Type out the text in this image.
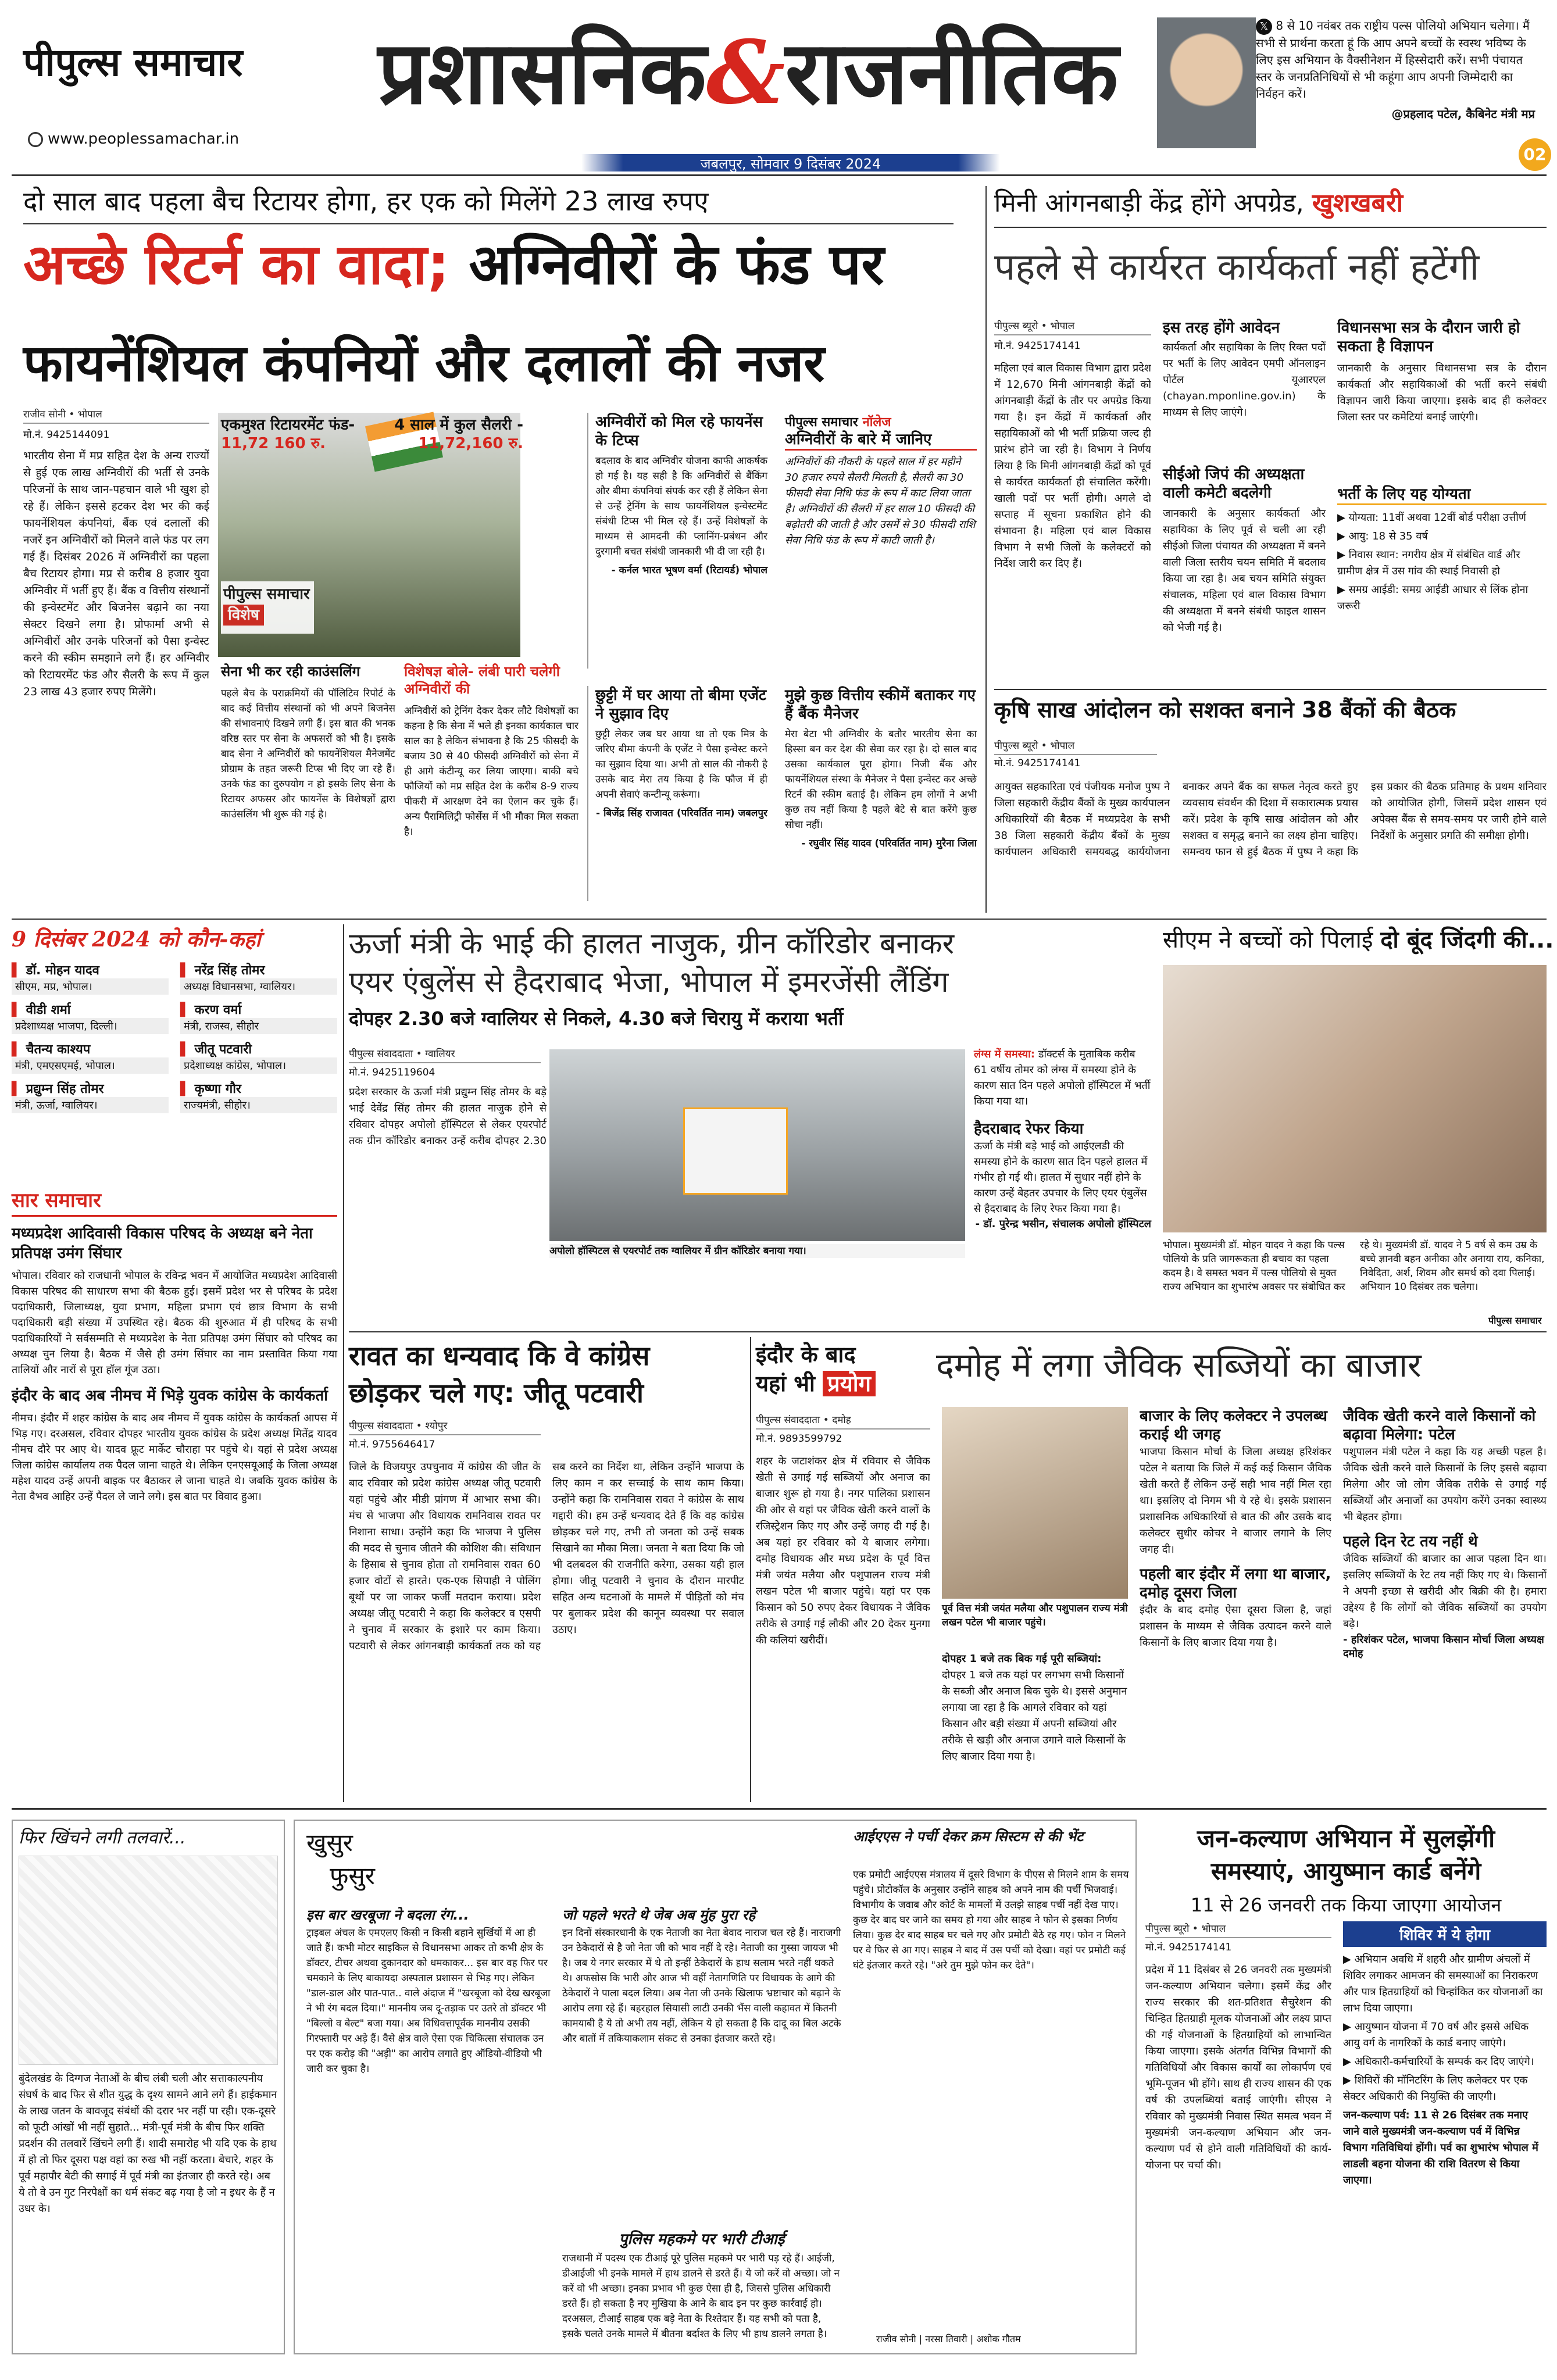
पीपुल्स समाचार
www.peoplessamachar.in
प्रशासनिक&राजनीतिक
जबलपुर, सोमवार 9 दिसंबर 2024
𝕏 8 से 10 नवंबर तक राष्ट्रीय पल्स पोलियो अभियान चलेगा। मैं सभी से प्रार्थना करता हूं कि आप अपने बच्चों के स्वस्थ भविष्य के लिए इस अभियान के वैक्सीनेशन में हिस्सेदारी करें। सभी पंचायत स्तर के जनप्रतिनिधियों से भी कहूंगा आप अपनी जिम्मेदारी का निर्वहन करें।
@प्रहलाद पटेल, कैबिनेट मंत्री मप्र
02
दो साल बाद पहला बैच रिटायर होगा, हर एक को मिलेंगे 23 लाख रुपए
अच्छे रिटर्न का वादा; अग्निवीरों के फंड पर
फायनेंशियल कंपनियों और दलालों की नजर
राजीव सोनी • भोपाल
मो.नं. 9425144091
भारतीय सेना में मप्र सहित देश के अन्य राज्यों से हुई एक लाख अग्निवीरों की भर्ती से उनके परिजनों के साथ जान-पहचान वाले भी खुश हो रहे हैं। लेकिन इससे हटकर देश भर की कई फायनेंशियल कंपनियां, बैंक एवं दलालों की नजरें इन अग्निवीरों को मिलने वाले फंड पर लग गई हैं। दिसंबर 2026 में अग्निवीरों का पहला बैच रिटायर होगा। मप्र से करीब 8 हजार युवा अग्निवीर में भर्ती हुए हैं। बैंक व वित्तीय संस्थानों की इन्वेस्टमेंट और बिजनेस बढ़ाने का नया सेक्टर दिखने लगा है। प्रोफार्मा अभी से अग्निवीरों और उनके परिजनों को पैसा इन्वेस्ट करने की स्कीम समझाने लगे हैं। हर अग्निवीर को रिटायरमेंट फंड और सैलरी के रूप में कुल 23 लाख 43 हजार रुपए मिलेंगे।
एकमुश्त रिटायरमेंट फंड-
11,72 160 रु.
4 साल में कुल सैलरी -
11,72,160 रु.
पीपुल्स समाचार
विशेष
सेना भी कर रही काउंसलिंग
पहले बैच के पराक्रमियों की पॉलिटिव रिपोर्ट के बाद कई वित्तीय संस्थानों को भी अपने बिजनेस की संभावनाएं दिखने लगी हैं। इस बात की भनक वरिष्ठ स्तर पर सेना के अफसरों को भी है। इसके बाद सेना ने अग्निवीरों को फायनेंशियल मैनेजमेंट प्रोग्राम के तहत जरूरी टिप्स भी दिए जा रहे हैं। उनके फंड का दुरुपयोग न हो इसके लिए सेना के रिटायर अफसर और फायनेंस के विशेषज्ञों द्वारा काउंसलिंग भी शुरू की गई है।
विशेषज्ञ बोले- लंबी पारी चलेगी अग्निवीरों की
अग्निवीरों को ट्रेनिंग देकर देकर लौटे विशेषज्ञों का कहना है कि सेना में भले ही इनका कार्यकाल चार साल का है लेकिन संभावना है कि 25 फीसदी के बजाय 30 से 40 फीसदी अग्निवीरों को सेना में ही आगे कंटीन्यू कर लिया जाएगा। बाकी बचे फौजियों को मप्र सहित देश के करीब 8-9 राज्य पीकरी में आरक्षण देने का ऐलान कर चुके हैं। अन्य पैरामिलिट्री फोर्सेस में भी मौका मिल सकता है।
अग्निवीरों को मिल रहे फायनेंस के टिप्स
बदलाव के बाद अग्निवीर योजना काफी आकर्षक हो गई है। यह सही है कि अग्निवीरों से बैंकिंग और बीमा कंपनियां संपर्क कर रही हैं लेकिन सेना से उन्हें ट्रेनिंग के साथ फायनेंशियल इन्वेस्टमेंट संबंधी टिप्स भी मिल रहे हैं। उन्हें विशेषज्ञों के माध्यम से आमदनी की प्लानिंग-प्रबंधन और दुरगामी बचत संबंधी जानकारी भी दी जा रही है।
- कर्नल भारत भूषण वर्मा (रिटायर्ड) भोपाल
छुट्टी में घर आया तो बीमा एजेंट ने सुझाव दिए
छुट्टी लेकर जब घर आया था तो एक मित्र के जरिए बीमा कंपनी के एजेंट ने पैसा इन्वेस्ट करने का सुझाव दिया था। अभी तो साल की नौकरी है उसके बाद मेरा तय किया है कि फौज में ही अपनी सेवाएं कन्टीन्यू करूंगा।
- बिजेंद्र सिंह राजावत (परिवर्तित नाम) जबलपुर
पीपुल्स समाचार नॉलेज
अग्निवीरों के बारे में जानिए
अग्निवीरों की नौकरी के पहले साल में हर महीने 30 हजार रुपये सैलरी मिलती है, सैलरी का 30 फीसदी सेवा निधि फंड के रूप में काट लिया जाता है। अग्निवीरों की सैलरी में हर साल 10 फीसदी की बढ़ोतरी की जाती है और उसमें से 30 फीसदी राशि सेवा निधि फंड के रूप में काटी जाती है।
मुझे कुछ वित्तीय स्कीमें बताकर गए हैं बैंक मैनेजर
मेरा बेटा भी अग्निवीर के बतौर भारतीय सेना का हिस्सा बन कर देश की सेवा कर रहा है। दो साल बाद उसका कार्यकाल पूरा होगा। निजी बैंक और फायनेंशियल संस्था के मैनेजर ने पैसा इन्वेस्ट कर अच्छे रिटर्न की स्कीम बताई है। लेकिन हम लोगों ने अभी कुछ तय नहीं किया है पहले बेटे से बात करेंगे कुछ सोचा नहीं।
- रघुवीर सिंह यादव (परिवर्तित नाम) मुरैना जिला
मिनी आंगनबाड़ी केंद्र होंगे अपग्रेड, खुशखबरी
पहले से कार्यरत कार्यकर्ता नहीं हटेंगी
पीपुल्स ब्यूरो • भोपाल
मो.नं. 9425174141
महिला एवं बाल विकास विभाग द्वारा प्रदेश में 12,670 मिनी आंगनबाड़ी केंद्रों को आंगनबाड़ी केंद्रों के तौर पर अपग्रेड किया गया है। इन केंद्रों में कार्यकर्ता और सहायिकाओं को भी भर्ती प्रक्रिया जल्द ही प्रारंभ होने जा रही है। विभाग ने निर्णय लिया है कि मिनी आंगनबाड़ी केंद्रों को पूर्व से कार्यरत कार्यकर्ता ही संचालित करेंगी। खाली पदों पर भर्ती होगी। अगले दो सप्ताह में सूचना प्रकाशित होने की संभावना है। महिला एवं बाल विकास विभाग ने सभी जिलों के कलेक्टरों को निर्देश जारी कर दिए हैं।
इस तरह होंगे आवेदन
कार्यकर्ता और सहायिका के लिए रिक्त पदों पर भर्ती के लिए आवेदन एमपी ऑनलाइन पोर्टल यूआरएल (chayan.mponline.gov.in) के माध्यम से लिए जाएंगे।
सीईओ जिपं की अध्यक्षता वाली कमेटी बदलेगी
जानकारी के अनुसार कार्यकर्ता और सहायिका के लिए पूर्व से चली आ रही सीईओ जिला पंचायत की अध्यक्षता में बनने वाली जिला स्तरीय चयन समिति में बदलाव किया जा रहा है। अब चयन समिति संयुक्त संचालक, महिला एवं बाल विकास विभाग की अध्यक्षता में बनने संबंधी फाइल शासन को भेजी गई है।
विधानसभा सत्र के दौरान जारी हो सकता है विज्ञापन
जानकारी के अनुसार विधानसभा सत्र के दौरान कार्यकर्ता और सहायिकाओं की भर्ती करने संबंधी विज्ञापन जारी किया जाएगा। इसके बाद ही कलेक्टर जिला स्तर पर कमेटियां बनाई जाएंगी।
भर्ती के लिए यह योग्यता
▶ योग्यता: 11वीं अथवा 12वीं बोर्ड परीक्षा उत्तीर्ण
▶ आयु: 18 से 35 वर्ष
▶ निवास स्थान: नगरीय क्षेत्र में संबंधित वार्ड और ग्रामीण क्षेत्र में उस गांव की स्थाई निवासी हो
▶ समग्र आईडी: समग्र आईडी आधार से लिंक होना जरूरी
कृषि साख आंदोलन को सशक्त बनाने 38 बैंकों की बैठक
पीपुल्स ब्यूरो • भोपाल
मो.नं. 9425174141
आयुक्त सहकारिता एवं पंजीयक मनोज पुष्प ने जिला सहकारी केंद्रीय बैंकों के मुख्य कार्यपालन अधिकारियों की बैठक में मध्यप्रदेश के सभी 38 जिला सहकारी केंद्रीय बैंकों के मुख्य कार्यपालन अधिकारी समयबद्ध कार्ययोजना बनाकर अपने बैंक का सफल नेतृत्व करते हुए व्यवसाय संवर्धन की दिशा में सकारात्मक प्रयास करें। प्रदेश के कृषि साख आंदोलन को और सशक्त व समृद्ध बनाने का लक्ष्य होना चाहिए। समन्वय फान से हुई बैठक में पुष्प ने कहा कि इस प्रकार की बैठक प्रतिमाह के प्रथम शनिवार को आयोजित होगी, जिसमें प्रदेश शासन एवं अपेक्स बैंक से समय-समय पर जारी होने वाले निर्देशों के अनुसार प्रगति की समीक्षा होगी।
9 दिसंबर 2024 को कौन-कहां
▌ डॉ. मोहन यादव
सीएम, मप्र, भोपाल।
▌ नरेंद्र सिंह तोमर
अध्यक्ष विधानसभा, ग्वालियर।
▌ वीडी शर्मा
प्रदेशाध्यक्ष भाजपा, दिल्ली।
▌ करण वर्मा
मंत्री, राजस्व, सीहोर
▌ चैतन्य काश्यप
मंत्री, एमएसएमई, भोपाल।
▌ जीतू पटवारी
प्रदेशाध्यक्ष कांग्रेस, भोपाल।
▌ प्रद्युम्न सिंह तोमर
मंत्री, ऊर्जा, ग्वालियर।
▌ कृष्णा गौर
राज्यमंत्री, सीहोर।
सार समाचार
मध्यप्रदेश आदिवासी विकास परिषद के अध्यक्ष बने नेता प्रतिपक्ष उमंग सिंघार
भोपाल। रविवार को राजधानी भोपाल के रविन्द्र भवन में आयोजित मध्यप्रदेश आदिवासी विकास परिषद की साधारण सभा की बैठक हुई। इसमें प्रदेश भर से परिषद के प्रदेश पदाधिकारी, जिलाध्यक्ष, युवा प्रभाग, महिला प्रभाग एवं छात्र विभाग के सभी पदाधिकारी बड़ी संख्या में उपस्थित रहे। बैठक की शुरुआत में ही परिषद के सभी पदाधिकारियों ने सर्वसम्मति से मध्यप्रदेश के नेता प्रतिपक्ष उमंग सिंघार को परिषद का अध्यक्ष चुन लिया है। बैठक में जैसे ही उमंग सिंघार का नाम प्रस्तावित किया गया तालियों और नारों से पूरा हॉल गूंज उठा।
इंदौर के बाद अब नीमच में भिड़े युवक कांग्रेस के कार्यकर्ता
नीमच। इंदौर में शहर कांग्रेस के बाद अब नीमच में युवक कांग्रेस के कार्यकर्ता आपस में भिड़ गए। दरअसल, रविवार दोपहर भारतीय युवक कांग्रेस के प्रदेश अध्यक्ष मितेंद्र यादव नीमच दौरे पर आए थे। यादव फ्रूट मार्केट चौराहा पर पहुंचे थे। यहां से प्रदेश अध्यक्ष जिला कांग्रेस कार्यालय तक पैदल जाना चाहते थे। लेकिन एनएसयूआई के जिला अध्यक्ष महेश यादव उन्हें अपनी बाइक पर बैठाकर ले जाना चाहते थे। जबकि युवक कांग्रेस के नेता वैभव आहिर उन्हें पैदल ले जाने लगे। इस बात पर विवाद हुआ।
ऊर्जा मंत्री के भाई की हालत नाजुक, ग्रीन कॉरिडोर बनाकर
एयर एंबुलेंस से हैदराबाद भेजा, भोपाल में इमरजेंसी लैंडिंग
दोपहर 2.30 बजे ग्वालियर से निकले, 4.30 बजे चिरायु में कराया भर्ती
पीपुल्स संवाददाता • ग्वालियर
मो.नं. 9425119604
प्रदेश सरकार के ऊर्जा मंत्री प्रद्युम्न सिंह तोमर के बड़े भाई देवेंद्र सिंह तोमर की हालत नाजुक होने से रविवार दोपहर अपोलो हॉस्पिटल से लेकर एयरपोर्ट तक ग्रीन कॉरिडोर बनाकर उन्हें करीब दोपहर 2.30
अपोलो हॉस्पिटल से एयरपोर्ट तक ग्वालियर में ग्रीन कॉरिडोर बनाया गया।
लंग्स में समस्या: डॉक्टर्स के मुताबिक करीब 61 वर्षीय तोमर को लंग्स में समस्या होने के कारण सात दिन पहले अपोलो हॉस्पिटल में भर्ती किया गया था।
हैदराबाद रेफर किया
ऊर्जा के मंत्री बड़े भाई को आईएलडी की समस्या होने के कारण सात दिन पहले हालत में गंभीर हो गई थी। हालत में सुधार नहीं होने के कारण उन्हें बेहतर उपचार के लिए एयर एंबुलेंस से हैदराबाद के लिए रेफर किया गया है।
- डॉ. पुरेन्द्र भसीन, संचालक अपोलो हॉस्पिटल
सीएम ने बच्चों को पिलाई दो बूंद जिंदगी की...
भोपाल। मुख्यमंत्री डॉ. मोहन यादव ने कहा कि पल्स पोलियो के प्रति जागरूकता ही बचाव का पहला कदम है। वे समस्त भवन में पल्स पोलियो से मुक्त राज्य अभियान का शुभारंभ अवसर पर संबोधित कर रहे थे। मुख्यमंत्री डॉ. यादव ने 5 वर्ष से कम उम्र के बच्चे ज्ञानवी बहन अनीका और अनाया राय, कनिका, निवेदिता, अर्श, शिवम और समर्थ को दवा पिलाई। अभियान 10 दिसंबर तक चलेगा।
पीपुल्स समाचार
रावत का धन्यवाद कि वे कांग्रेस
छोड़कर चले गए: जीतू पटवारी
पीपुल्स संवाददाता • श्योपुर
मो.नं. 9755646417
जिले के विजयपुर उपचुनाव में कांग्रेस की जीत के बाद रविवार को प्रदेश कांग्रेस अध्यक्ष जीतू पटवारी यहां पहुंचे और मीडी प्रांगण में आभार सभा की। मंच से भाजपा और विधायक रामनिवास रावत पर निशाना साधा। उन्होंने कहा कि भाजपा ने पुलिस की मदद से चुनाव जीतने की कोशिश की। संविधान के हिसाब से चुनाव होता तो रामनिवास रावत 60 हजार वोटों से हारते। एक-एक सिपाही ने पोलिंग बूथों पर जा जाकर फर्जी मतदान कराया। प्रदेश अध्यक्ष जीतू पटवारी ने कहा कि कलेक्टर व एसपी ने चुनाव में सरकार के इशारे पर काम किया। पटवारी से लेकर आंगनबाड़ी कार्यकर्ता तक को यह सब करने का निर्देश था, लेकिन उन्होंने भाजपा के लिए काम न कर सच्चाई के साथ काम किया। उन्होंने कहा कि रामनिवास रावत ने कांग्रेस के साथ गद्दारी की। हम उन्हें धन्यवाद देते हैं कि वह कांग्रेस छोड़कर चले गए, तभी तो जनता को उन्हें सबक सिखाने का मौका मिला। जनता ने बता दिया कि जो भी दलबदल की राजनीति करेगा, उसका यही हाल होगा। जीतू पटवारी ने चुनाव के दौरान मारपीट सहित अन्य घटनाओं के मामले में पीड़ितों को मंच पर बुलाकर प्रदेश की कानून व्यवस्था पर सवाल उठाए।
इंदौर के बाद
यहां भी प्रयोग	दमोह में लगा जैविक सब्जियों का बाजार
पीपुल्स संवाददाता • दमोह
मो.नं. 9893599792
शहर के जटाशंकर क्षेत्र में रविवार से जैविक खेती से उगाई गई सब्जियों और अनाज का बाजार शुरू हो गया है। नगर पालिका प्रशासन की ओर से यहां पर जैविक खेती करने वालों के रजिस्ट्रेशन किए गए और उन्हें जगह दी गई है। अब यहां हर रविवार को ये बाजार लगेगा। दमोह विधायक और मध्य प्रदेश के पूर्व वित्त मंत्री जयंत मलैया और पशुपालन राज्य मंत्री लखन पटेल भी बाजार पहुंचे। यहां पर एक किसान को 50 रुपए देकर विधायक ने जैविक तरीके से उगाई गई लौकी और 20 देकर मुनगा की कलियां खरीदीं।
पूर्व वित्त मंत्री जयंत मलैया और पशुपालन राज्य मंत्री लखन पटेल भी बाजार पहुंचे।
दोपहर 1 बजे तक बिक गई पूरी सब्जियां: दोपहर 1 बजे तक यहां पर लगभग सभी किसानों के सब्जी और अनाज बिक चुके थे। इससे अनुमान लगाया जा रहा है कि आगले रविवार को यहां किसान और बड़ी संख्या में अपनी सब्जियां और तरीके से खड़ी और अनाज उगाने वाले किसानों के लिए बाजार दिया गया है।
बाजार के लिए कलेक्टर ने उपलब्ध कराई थी जगह
भाजपा किसान मोर्चा के जिला अध्यक्ष हरिशंकर पटेल ने बताया कि जिले में कई कई किसान जैविक खेती करते हैं लेकिन उन्हें सही भाव नहीं मिल रहा था। इसलिए दो निगम भी ये रहे थे। इसके प्रशासन प्रशासनिक अधिकारियों से बात की और उसके बाद कलेक्टर सुधीर कोचर ने बाजार लगाने के लिए जगह दी।
पहली बार इंदौर में लगा था बाजार, दमोह दूसरा जिला
इंदौर के बाद दमोह ऐसा दूसरा जिला है, जहां प्रशासन के माध्यम से जैविक उत्पादन करने वाले किसानों के लिए बाजार दिया गया है।
जैविक खेती करने वाले किसानों को बढ़ावा मिलेगा: पटेल
पशुपालन मंत्री पटेल ने कहा कि यह अच्छी पहल है। जैविक खेती करने वाले किसानों के लिए इससे बढ़ावा मिलेगा और जो लोग जैविक तरीके से उगाई गई सब्जियों और अनाजों का उपयोग करेंगे उनका स्वास्थ्य भी बेहतर होगा।
पहले दिन रेट तय नहीं थे
जैविक सब्जियों की बाजार का आज पहला दिन था। इसलिए सब्जियों के रेट तय नहीं किए गए थे। किसानों ने अपनी इच्छा से खरीदी और बिक्री की है। हमारा उद्देश्य है कि लोगों को जैविक सब्जियों का उपयोग बढ़े।
- हरिशंकर पटेल, भाजपा किसान मोर्चा जिला अध्यक्ष दमोह
फिर खिंचने लगी तलवारें...
बुंदेलखंड के दिग्गज नेताओं के बीच लंबी चली और सत्ताकाल्पनीय संघर्ष के बाद फिर से शीत युद्ध के दृश्य सामने आने लगे हैं। हाईकमान के लाख जतन के बावजूद संबंधों की दरार भर नहीं पा रही। एक-दूसरे को फूटी आंखों भी नहीं सुहाते... मंत्री-पूर्व मंत्री के बीच फिर शक्ति प्रदर्शन की तलवारें खिंचने लगी हैं। शादी समारोह भी यदि एक के हाथ में हो तो फिर दूसरा पक्ष वहां का रुख भी नहीं करता। बेचारे, शहर के पूर्व महापौर बेटी की सगाई में पूर्व मंत्री का इंतजार ही करते रहे। अब ये तो वे उन गुट निरपेक्षों का धर्म संकट बढ़ गया है जो न इधर के हैं न उधर के।
खुसुर
फुसुर
इस बार खरबूजा ने बदला रंग...
ट्राइबल अंचल के एमएलए किसी न किसी बहाने सुर्खियों में आ ही जाते हैं। कभी मोटर साइकिल से विधानसभा आकर तो कभी क्षेत्र के डॉक्टर, टीचर अथवा दुकानदार को धमकाकर... इस बार वह फिर पर चमकाने के लिए बाकायदा अस्पताल प्रशासन से भिड़ गए। लेकिन "डाल-डाल और पात-पात.. वाले अंदाज में "खरबूजा को देख खरबूजा ने भी रंग बदल दिया।" माननीय जब दू-तड़ाक पर उतरे तो डॉक्टर भी "बिल्लो व बेल्ट" बजा गया। अब विधिवत्तापूर्वक माननीय उसकी गिरफ्तारी पर अड़े हैं। वैसे क्षेत्र वाले ऐसा एक चिकित्सा संचालक उन पर एक करोड़ की "अड़ी" का आरोप लगाते हुए ऑडियो-वीडियो भी जारी कर चुका है।
जो पहले भरते थे जेब अब मुंह पुरा रहे
इन दिनों संस्कारधानी के एक नेताजी का नेता बेवाद नाराज चल रहे हैं। नाराजगी उन ठेकेदारों से है जो नेता जी को भाव नहीं दे रहे। नेताजी का गुस्सा जायज भी है। जब ये नगर सरकार में थे तो इन्हीं ठेकेदारों के हाथ सलाम भरते नहीं थकते थे। अफसोस कि भारी और आज भी वहीं नेतागणिति पर विधायक के आगे की ठेकेदारों ने पाला बदल लिया। अब नेता जी उनके खिलाफ भ्रष्टाचार को बढ़ाने के आरोप लगा रहे हैं। बहरहाल सियासी लाटी उनकी भैंस वाली कहावत में कितनी कामयाबी है ये तो अभी तय नहीं, लेकिन ये हो सकता है कि दादू का बिल अटके और बातों में तकियाकलाम संकट से उनका इंतजार करते रहे।
पुलिस महकमे पर भारी टीआई
राजधानी में पदस्थ एक टीआई पूरे पुलिस महकमे पर भारी पड़ रहे हैं। आईजी, डीआईजी भी इनके मामले में हाथ डालने से डरते हैं। ये जो करें वो अच्छा। जो न करें वो भी अच्छा। इनका प्रभाव भी कुछ ऐसा ही है, जिससे पुलिस अधिकारी डरते हैं। हो सकता है नए मुखिया के आने के बाद इन पर कुछ कार्रवाई हो। दरअसल, टीआई साहब एक बड़े नेता के रिश्तेदार हैं। यह सभी को पता है, इसके चलते उनके मामले में बीतना बर्दाश्त के लिए भी हाथ डालने लगता है।
आईएएस ने पर्ची देकर क्रम सिस्टम से की भेंट
एक प्रमोटी आईएएस मंत्रालय में दूसरे विभाग के पीएस से मिलने शाम के समय पहुंचे। प्रोटोकॉल के अनुसार उन्होंने साहब को अपने नाम की पर्ची भिजवाई। विभागीय के जवाब और कोर्ट के मामलों में उलझे साहब पर्ची नहीं देख पाए। कुछ देर बाद घर जाने का समय हो गया और साहब ने फोन से इसका निर्णय लिया। कुछ देर बाद साहब घर चले गए और प्रमोटी बैठे रह गए। फोन न मिलने पर वे फिर से आ गए। साहब ने बाद में उस पर्ची को देखा। वहां पर प्रमोटी कई घंटे इंतजार करते रहे। "अरे तुम मुझे फोन कर देते"।
राजीव सोनी | नरसा तिवारी | अशोक गौतम
जन-कल्याण अभियान में सुलझेंगी
समस्याएं, आयुष्मान कार्ड बनेंगे
11 से 26 जनवरी तक किया जाएगा आयोजन
पीपुल्स ब्यूरो • भोपाल
मो.नं. 9425174141
प्रदेश में 11 दिसंबर से 26 जनवरी तक मुख्यमंत्री जन-कल्याण अभियान चलेगा। इसमें केंद्र और राज्य सरकार की शत-प्रतिशत सैचुरेशन की चिन्हित हितग्राही मूलक योजनाओं और लक्ष्य प्राप्त की गई योजनाओं के हितग्राहियों को लाभान्वित किया जाएगा। इसके अंतर्गत विभिन्न विभागों की गतिविधियों और विकास कार्यों का लोकार्पण एवं भूमि-पूजन भी होंगे। साथ ही राज्य शासन की एक वर्ष की उपलब्धियां बताई जाएंगी। सीएस ने रविवार को मुख्यमंत्री निवास स्थित समत्व भवन में मुख्यमंत्री जन-कल्याण अभियान और जन-कल्याण पर्व से होने वाली गतिविधियों की कार्य-योजना पर चर्चा की।
शिविर में ये होगा
▶ अभियान अवधि में शहरी और ग्रामीण अंचलों में शिविर लगाकर आमजन की समस्याओं का निराकरण और पात्र हितग्राहियों को चिन्हांकित कर योजनाओं का लाभ दिया जाएगा।
▶ आयुष्मान योजना में 70 वर्ष और इससे अधिक आयु वर्ग के नागरिकों के कार्ड बनाए जाएंगे।
▶ अधिकारी-कर्मचारियों के सम्पर्क कर दिए जाएंगे।
▶ शिविरों की मॉनिटरिंग के लिए कलेक्टर पर एक सेक्टर अधिकारी की नियुक्ति की जाएगी।
जन-कल्याण पर्व: 11 से 26 दिसंबर तक मनाए जाने वाले मुख्यमंत्री जन-कल्याण पर्व में विभिन्न विभाग गतिविधियां होंगी। पर्व का शुभारंभ भोपाल में लाडली बहना योजना की राशि वितरण से किया जाएगा।
